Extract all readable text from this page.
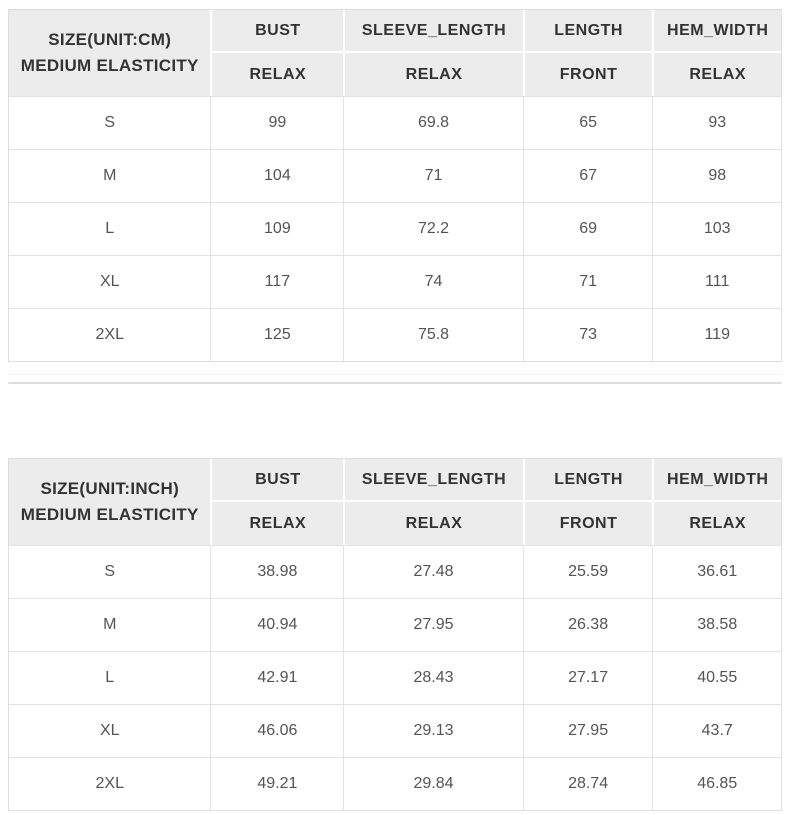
SIZE(UNIT:CM)
MEDIUM ELASTICITY	BUST	SLEEVE_LENGTH	LENGTH	HEM_WIDTH
	RELAX	RELAX	FRONT	RELAX
S	99	69.8	65	93
M	104	71	67	98
L	109	72.2	69	103
XL	117	74	71	111
2XL	125	75.8	73	119
SIZE(UNIT:INCH)
MEDIUM ELASTICITY	BUST	SLEEVE_LENGTH	LENGTH	HEM_WIDTH
	RELAX	RELAX	FRONT	RELAX
S	38.98	27.48	25.59	36.61
M	40.94	27.95	26.38	38.58
L	42.91	28.43	27.17	40.55
XL	46.06	29.13	27.95	43.7
2XL	49.21	29.84	28.74	46.85
